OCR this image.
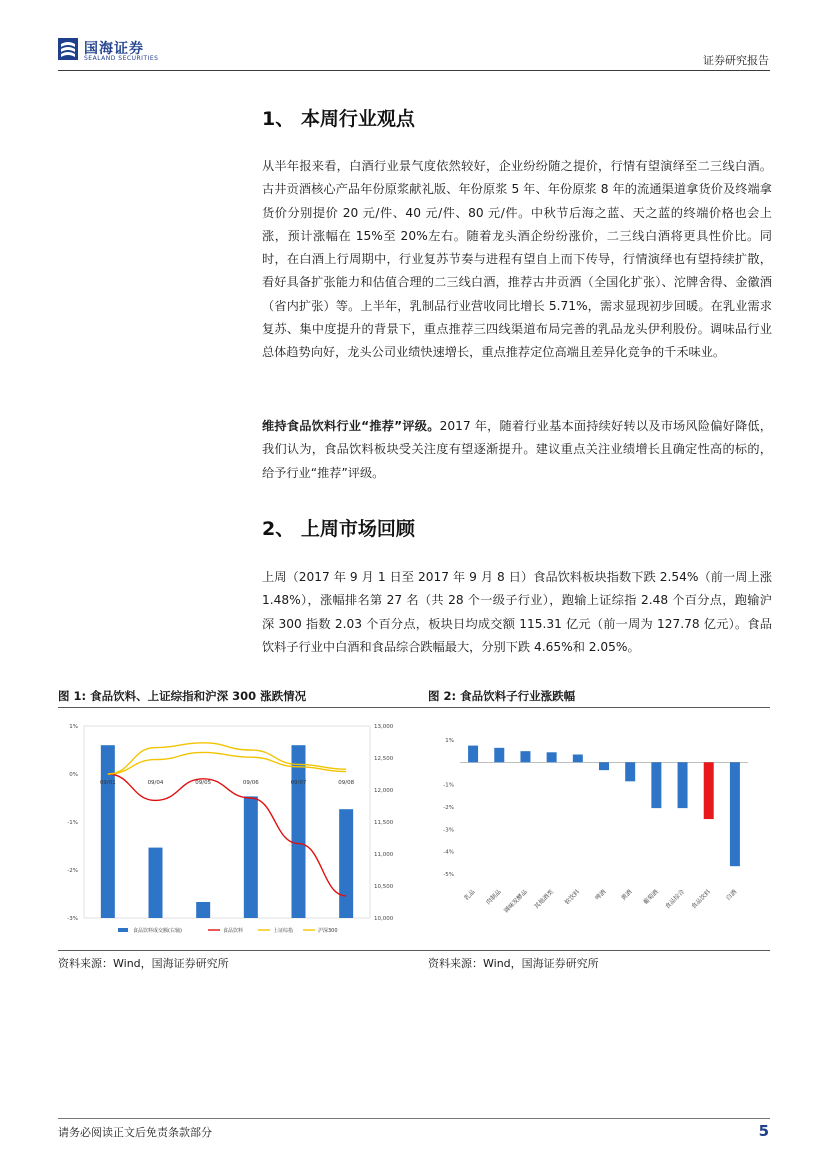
国海证券
SEALAND SECURITIES	证券研究报告
1、 本周行业观点

从半年报来看，白酒行业景气度依然较好，企业纷纷随之提价，行情有望演绎至二三线白酒。古井贡酒核心产品年份原浆献礼版、年份原浆 5 年、年份原浆 8 年的流通渠道拿货价及终端拿货价分别提价 20 元/件、40 元/件、80 元/件。中秋节后海之蓝、天之蓝的终端价格也会上涨，预计涨幅在 15%至 20%左右。随着龙头酒企纷纷涨价，二三线白酒将更具性价比。同时，在白酒上行周期中，行业复苏节奏与进程有望自上而下传导，行情演绎也有望持续扩散，看好具备扩张能力和估值合理的二三线白酒，推荐古井贡酒（全国化扩张）、沱牌舍得、金徽酒（省内扩张）等。上半年，乳制品行业营收同比增长 5.71%，需求显现初步回暖。在乳业需求复苏、集中度提升的背景下，重点推荐三四线渠道布局完善的乳品龙头伊利股份。调味品行业总体趋势向好，龙头公司业绩快速增长，重点推荐定位高端且差异化竞争的千禾味业。

维持食品饮料行业“推荐”评级。2017 年，随着行业基本面持续好转以及市场风险偏好降低，我们认为，食品饮料板块受关注度有望逐渐提升。建议重点关注业绩增长且确定性高的标的，给予行业“推荐”评级。

2、 上周市场回顾

上周（2017 年 9 月 1 日至 2017 年 9 月 8 日）食品饮料板块指数下跌 2.54%（前一周上涨 1.48%），涨幅排名第 27 名（共 28 个一级子行业），跑输上证综指 2.48 个百分点，跑输沪深 300 指数 2.03 个百分点，板块日均成交额 115.31 亿元（前一周为 127.78 亿元）。食品饮料子行业中白酒和食品综合跌幅最大，分别下跌 4.65%和 2.05%。

图 1: 食品饮料、上证综指和沪深 300 涨跌情况	图 2: 食品饮料子行业涨跌幅
1%
0%
-1%
-2%
-3%
13,000
12,500
12,000
11,500
11,000
10,500
10,000
09/01	09/04	09/05	09/06	09/07	09/08
食品饮料成交额(右轴)	食品饮料	上证综指	沪深300
1%
-1%
-2%
-3%
-4%
-5%
乳品 肉制品 调味发酵品 其他酒类 软饮料 啤酒 黄酒 葡萄酒 食品综合 食品饮料 白酒
资料来源：Wind，国海证券研究所	资料来源：Wind，国海证券研究所
请务必阅读正文后免责条款部分	5
